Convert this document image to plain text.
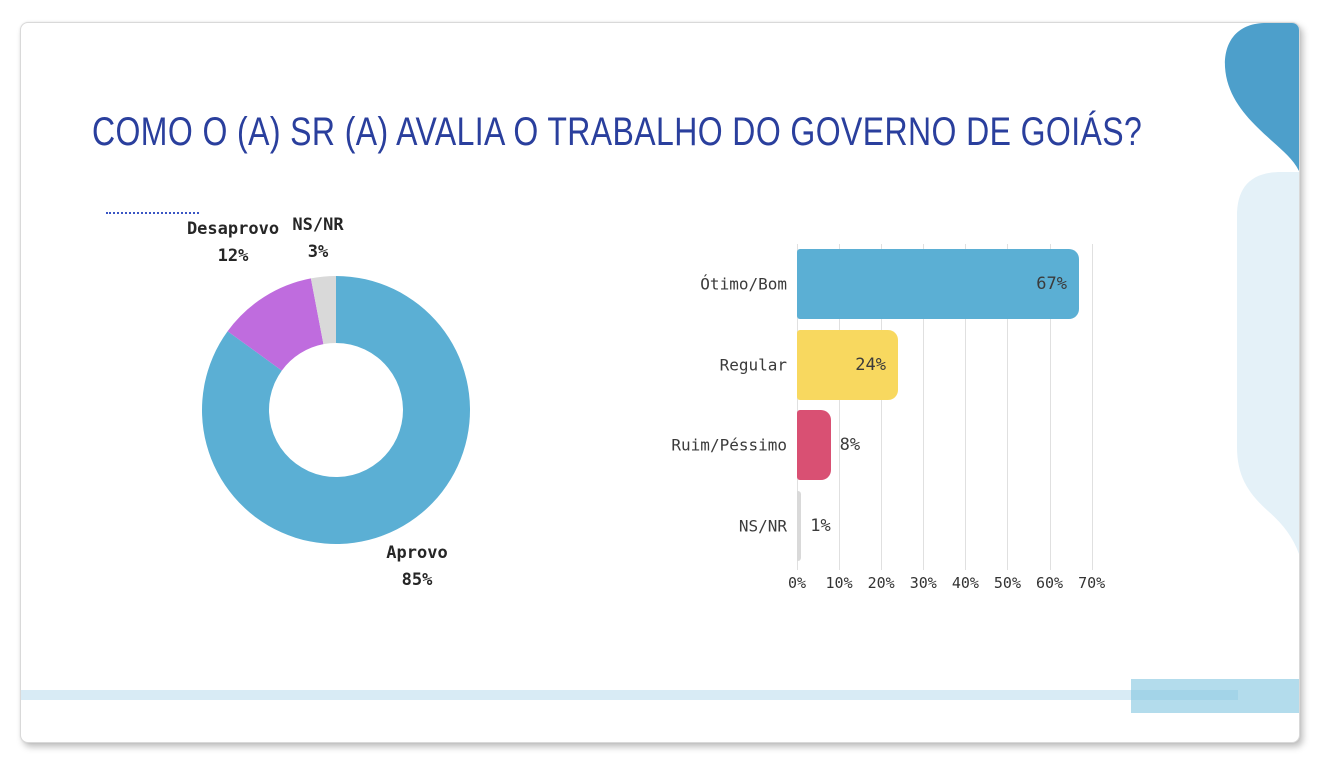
COMO O (A) SR (A) AVALIA O TRABALHO DO GOVERNO DE GOIÁS?
Desaprovo
12%
NS/NR
3%
Aprovo
85%	0% 10% 20% 30% 40% 50% 60% 70%
Ótimo/Bom	67%
Regular	24%
Ruim/Péssimo	8%
NS/NR 1%
